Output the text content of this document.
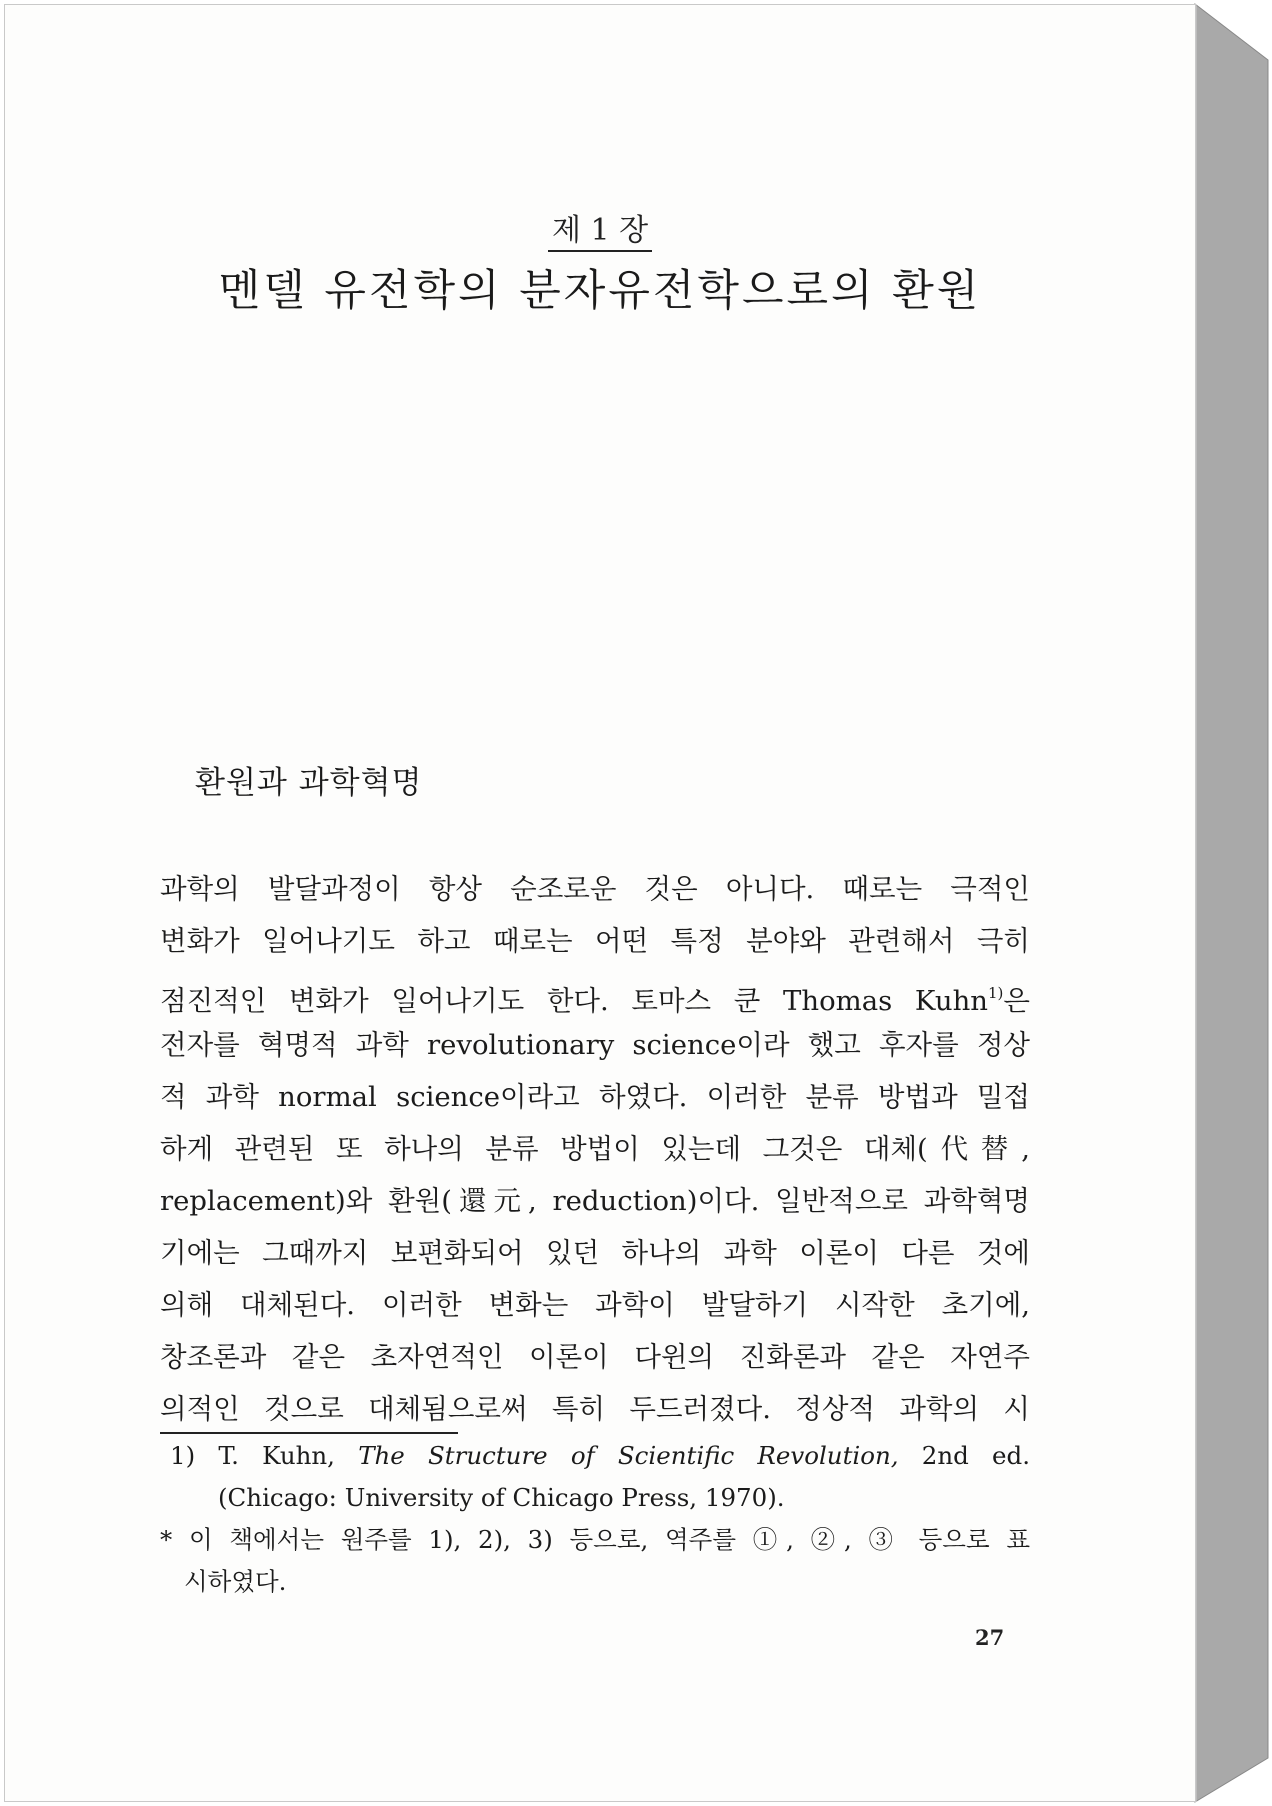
제 1 장
멘델 유전학의 분자유전학으로의 환원
환원과 과학혁명
과학의 발달과정이 항상 순조로운 것은 아니다. 때로는 극적인
변화가 일어나기도 하고 때로는 어떤 특정 분야와 관련해서 극히
점진적인 변화가 일어나기도 한다. 토마스 쿤 Thomas Kuhn$^{1)}$은
전자를 혁명적 과학 revolutionary science이라 했고 후자를 정상
적 과학 normal science이라고 하였다. 이러한 분류 방법과 밀접
하게 관련된 또 하나의 분류 방법이 있는데 그것은 대체(代替,
replacement)와 환원(還元, reduction)이다. 일반적으로 과학혁명
기에는 그때까지 보편화되어 있던 하나의 과학 이론이 다른 것에
의해 대체된다. 이러한 변화는 과학이 발달하기 시작한 초기에,
창조론과 같은 초자연적인 이론이 다윈의 진화론과 같은 자연주
의적인 것으로 대체됨으로써 특히 두드러졌다. 정상적 과학의 시
1) T. Kuhn, The Structure of Scientific Revolution, 2nd ed.
(Chicago: University of Chicago Press, 1970).
* 이 책에서는 원주를 1), 2), 3) 등으로, 역주를 ①, ②, ③ 등으로 표
시하였다.
27
